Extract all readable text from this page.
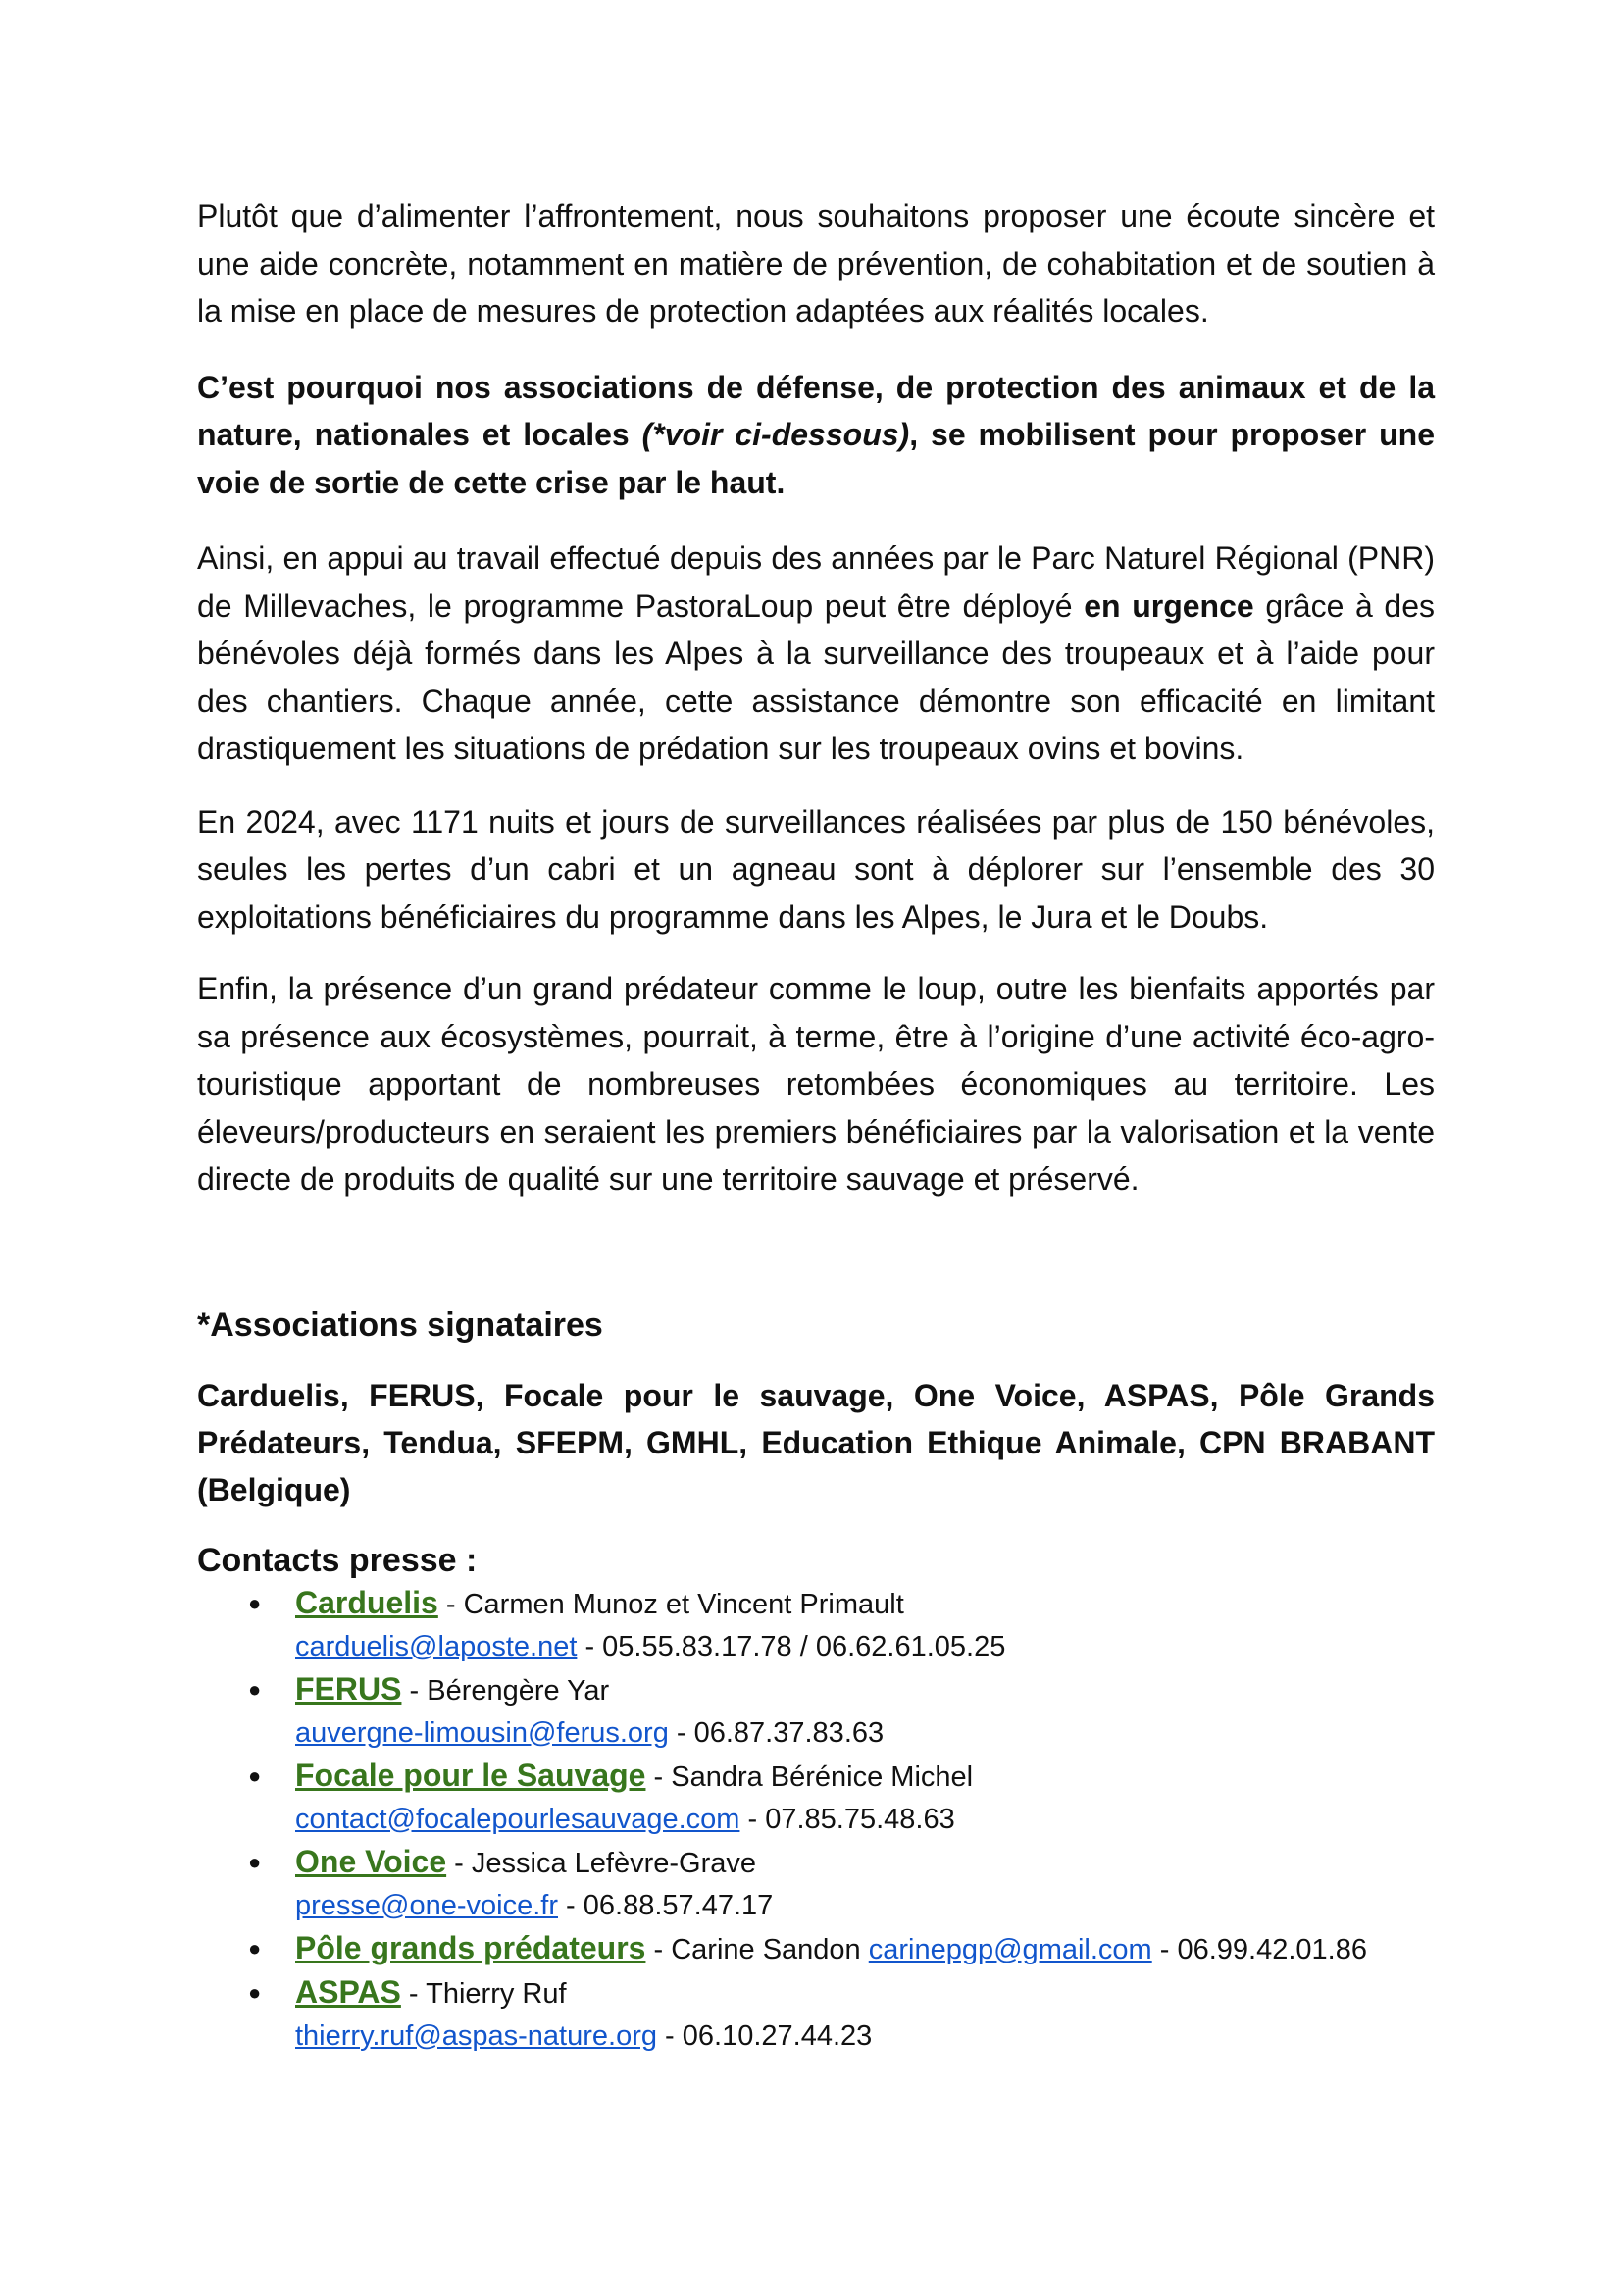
Plutôt que d’alimenter l’affrontement, nous souhaitons proposer une écoute sincère et une aide concrète, notamment en matière de prévention, de cohabitation et de soutien à la mise en place de mesures de protection adaptées aux réalités locales.

C’est pourquoi nos associations de défense, de protection des animaux et de la nature, nationales et locales (*voir ci-dessous), se mobilisent pour proposer une voie de sortie de cette crise par le haut.

Ainsi, en appui au travail effectué depuis des années par le Parc Naturel Régional (PNR) de Millevaches, le programme PastoraLoup peut être déployé en urgence grâce à des bénévoles déjà formés dans les Alpes à la surveillance des troupeaux et à l’aide pour des chantiers. Chaque année, cette assistance démontre son efficacité en limitant drastiquement les situations de prédation sur les troupeaux ovins et bovins.

En 2024, avec 1171 nuits et jours de surveillances réalisées par plus de 150 bénévoles, seules les pertes d’un cabri et un agneau sont à déplorer sur l’ensemble des 30 exploitations bénéficiaires du programme dans les Alpes, le Jura et le Doubs.

Enfin, la présence d’un grand prédateur comme le loup, outre les bienfaits apportés par sa présence aux écosystèmes, pourrait, à terme, être à l’origine d’une activité éco-agro-touristique apportant de nombreuses retombées économiques au territoire. Les éleveurs/producteurs en seraient les premiers bénéficiaires par la valorisation et la vente directe de produits de qualité sur une territoire sauvage et préservé.

*Associations signataires

Carduelis, FERUS, Focale pour le sauvage, One Voice, ASPAS, Pôle Grands Prédateurs, Tendua, SFEPM, GMHL, Education Ethique Animale, CPN BRABANT (Belgique)

Contacts presse :
● Carduelis - Carmen Munoz et Vincent Primault
carduelis@laposte.net - 05.55.83.17.78 / 06.62.61.05.25
● FERUS - Bérengère Yar
auvergne-limousin@ferus.org - 06.87.37.83.63
● Focale pour le Sauvage - Sandra Bérénice Michel
contact@focalepourlesauvage.com - 07.85.75.48.63
● One Voice - Jessica Lefèvre-Grave
presse@one-voice.fr - 06.88.57.47.17
● Pôle grands prédateurs - Carine Sandon carinepgp@gmail.com - 06.99.42.01.86
● ASPAS - Thierry Ruf
thierry.ruf@aspas-nature.org - 06.10.27.44.23
